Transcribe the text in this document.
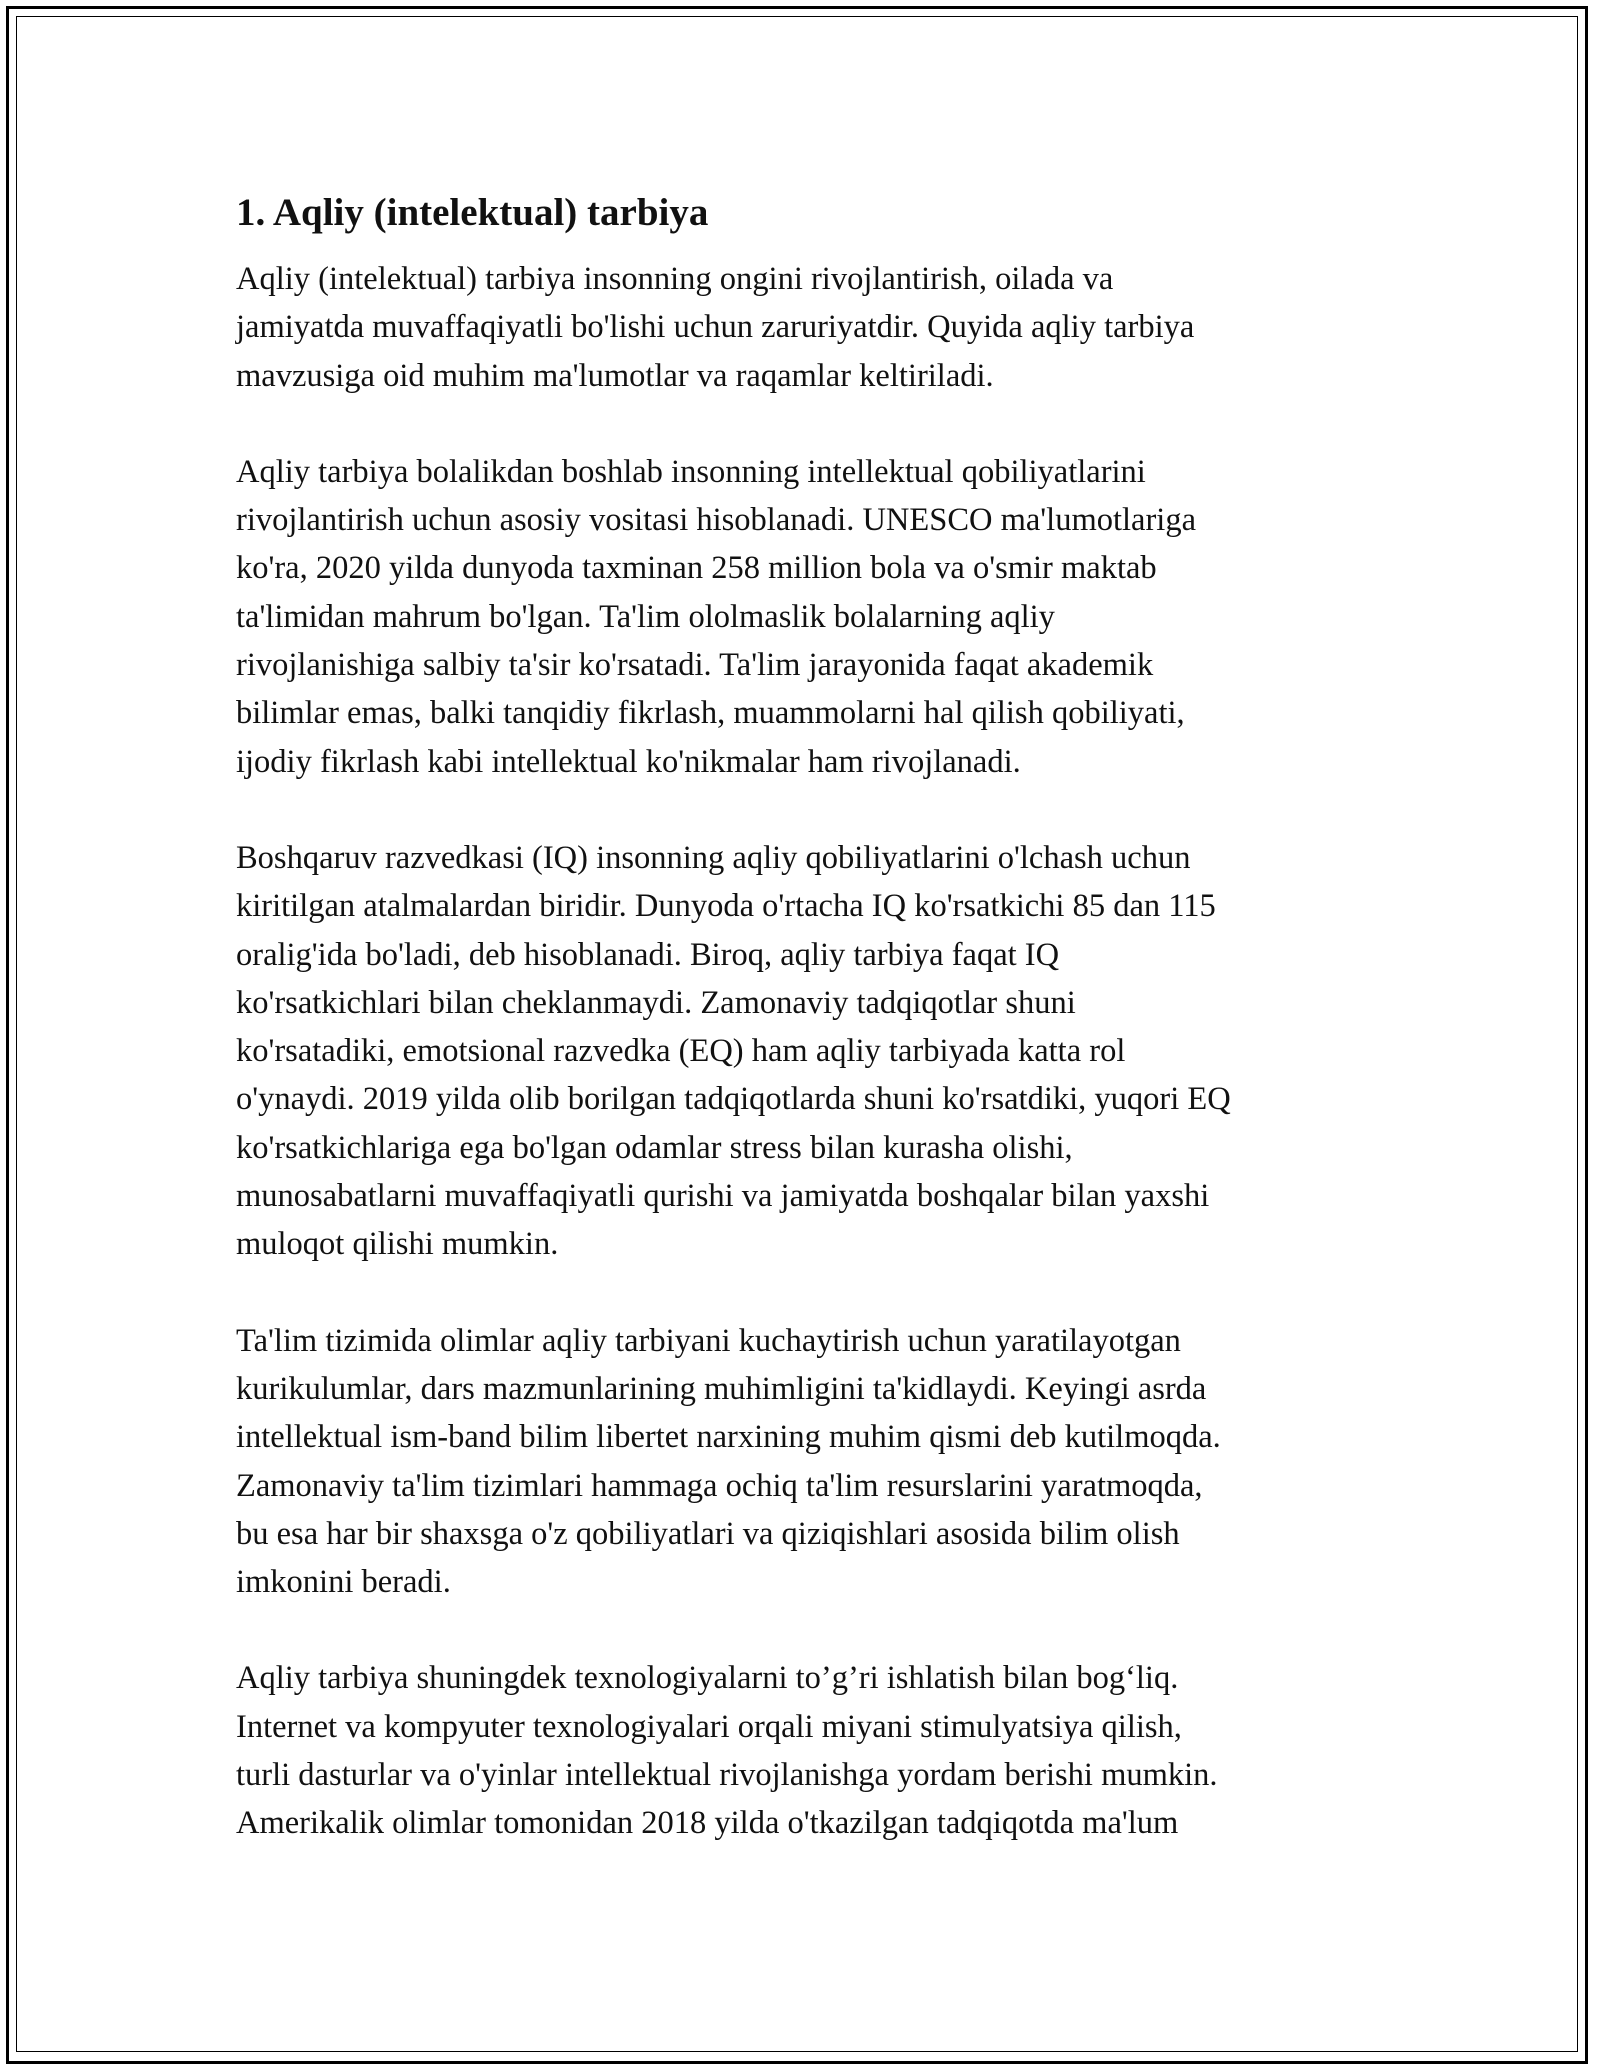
1. Aqliy (intelektual) tarbiya

Aqliy (intelektual) tarbiya insonning ongini rivojlantirish, oilada va
jamiyatda muvaffaqiyatli bo'lishi uchun zaruriyatdir. Quyida aqliy tarbiya
mavzusiga oid muhim ma'lumotlar va raqamlar keltiriladi.

Aqliy tarbiya bolalikdan boshlab insonning intellektual qobiliyatlarini
rivojlantirish uchun asosiy vositasi hisoblanadi. UNESCO ma'lumotlariga
ko'ra, 2020 yilda dunyoda taxminan 258 million bola va o'smir maktab
ta'limidan mahrum bo'lgan. Ta'lim ololmaslik bolalarning aqliy
rivojlanishiga salbiy ta'sir ko'rsatadi. Ta'lim jarayonida faqat akademik
bilimlar emas, balki tanqidiy fikrlash, muammolarni hal qilish qobiliyati,
ijodiy fikrlash kabi intellektual ko'nikmalar ham rivojlanadi.

Boshqaruv razvedkasi (IQ) insonning aqliy qobiliyatlarini o'lchash uchun
kiritilgan atalmalardan biridir. Dunyoda o'rtacha IQ ko'rsatkichi 85 dan 115
oralig'ida bo'ladi, deb hisoblanadi. Biroq, aqliy tarbiya faqat IQ
ko'rsatkichlari bilan cheklanmaydi. Zamonaviy tadqiqotlar shuni
ko'rsatadiki, emotsional razvedka (EQ) ham aqliy tarbiyada katta rol
o'ynaydi. 2019 yilda olib borilgan tadqiqotlarda shuni ko'rsatdiki, yuqori EQ
ko'rsatkichlariga ega bo'lgan odamlar stress bilan kurasha olishi,
munosabatlarni muvaffaqiyatli qurishi va jamiyatda boshqalar bilan yaxshi
muloqot qilishi mumkin.

Ta'lim tizimida olimlar aqliy tarbiyani kuchaytirish uchun yaratilayotgan
kurikulumlar, dars mazmunlarining muhimligini ta'kidlaydi. Keyingi asrda
intellektual ism-band bilim libertet narxining muhim qismi deb kutilmoqda.
Zamonaviy ta'lim tizimlari hammaga ochiq ta'lim resurslarini yaratmoqda,
bu esa har bir shaxsga o'z qobiliyatlari va qiziqishlari asosida bilim olish
imkonini beradi.

Aqliy tarbiya shuningdek texnologiyalarni to’g’ri ishlatish bilan bog‘liq.
Internet va kompyuter texnologiyalari orqali miyani stimulyatsiya qilish,
turli dasturlar va o'yinlar intellektual rivojlanishga yordam berishi mumkin.
Amerikalik olimlar tomonidan 2018 yilda o'tkazilgan tadqiqotda ma'lum
